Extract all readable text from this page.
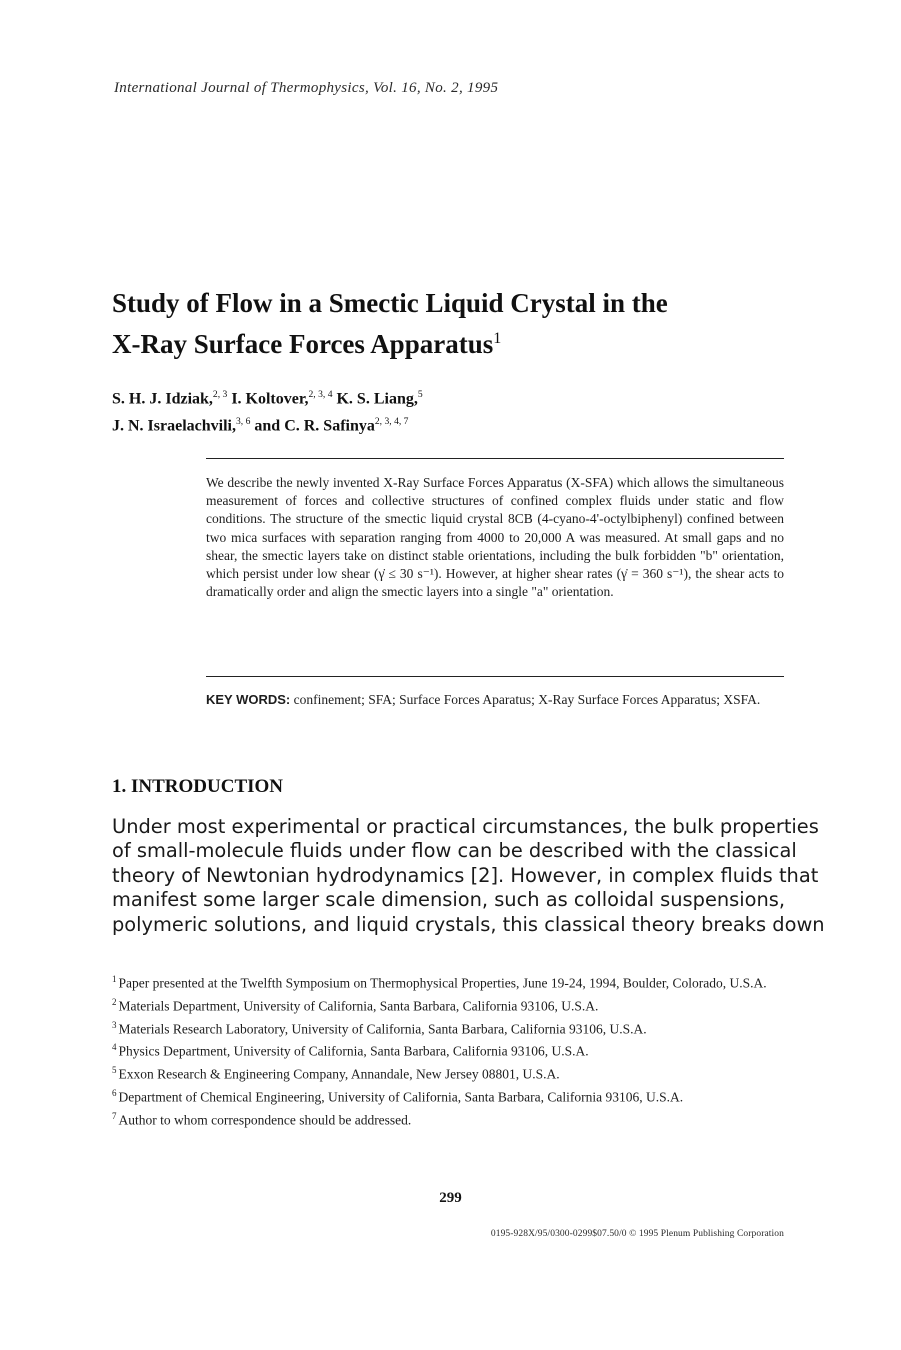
International Journal of Thermophysics, Vol. 16, No. 2, 1995
Study of Flow in a Smectic Liquid Crystal in the
X-Ray Surface Forces Apparatus$^1$
S. H. J. Idziak,$^{2, 3}$ I. Koltover,$^{2, 3, 4}$ K. S. Liang,$^5$
J. N. Israelachvili,$^{3, 6}$ and C. R. Safinya$^{2, 3, 4, 7}$
We describe the newly invented X-Ray Surface Forces Apparatus (X-SFA) which allows the simultaneous measurement of forces and collective structures of confined complex fluids under static and flow conditions. The structure of the smectic liquid crystal 8CB (4-cyano-4'-octylbiphenyl) confined between two mica surfaces with separation ranging from 4000 to 20,000 A was measured. At small gaps and no shear, the smectic layers take on distinct stable orientations, including the bulk forbidden "b" orientation, which persist under low shear (γ̇ ≤ 30 s⁻¹). However, at higher shear rates (γ̇ = 360 s⁻¹), the shear acts to dramatically order and align the smectic layers into a single "a" orientation.
KEY WORDS: confinement; SFA; Surface Forces Aparatus; X-Ray Surface Forces Apparatus; XSFA.
1. INTRODUCTION
Under most experimental or practical circumstances, the bulk properties
of small-molecule fluids under flow can be described with the classical
theory of Newtonian hydrodynamics [2]. However, in complex fluids that
manifest some larger scale dimension, such as colloidal suspensions,
polymeric solutions, and liquid crystals, this classical theory breaks down
$^1$ Paper presented at the Twelfth Symposium on Thermophysical Properties, June 19-24, 1994, Boulder, Colorado, U.S.A.
$^2$ Materials Department, University of California, Santa Barbara, California 93106, U.S.A.
$^3$ Materials Research Laboratory, University of California, Santa Barbara, California 93106, U.S.A.
$^4$ Physics Department, University of California, Santa Barbara, California 93106, U.S.A.
$^5$ Exxon Research & Engineering Company, Annandale, New Jersey 08801, U.S.A.
$^6$ Department of Chemical Engineering, University of California, Santa Barbara, California 93106, U.S.A.
$^7$ Author to whom correspondence should be addressed.
299
0195-928X/95/0300-0299$07.50/0 © 1995 Plenum Publishing Corporation
